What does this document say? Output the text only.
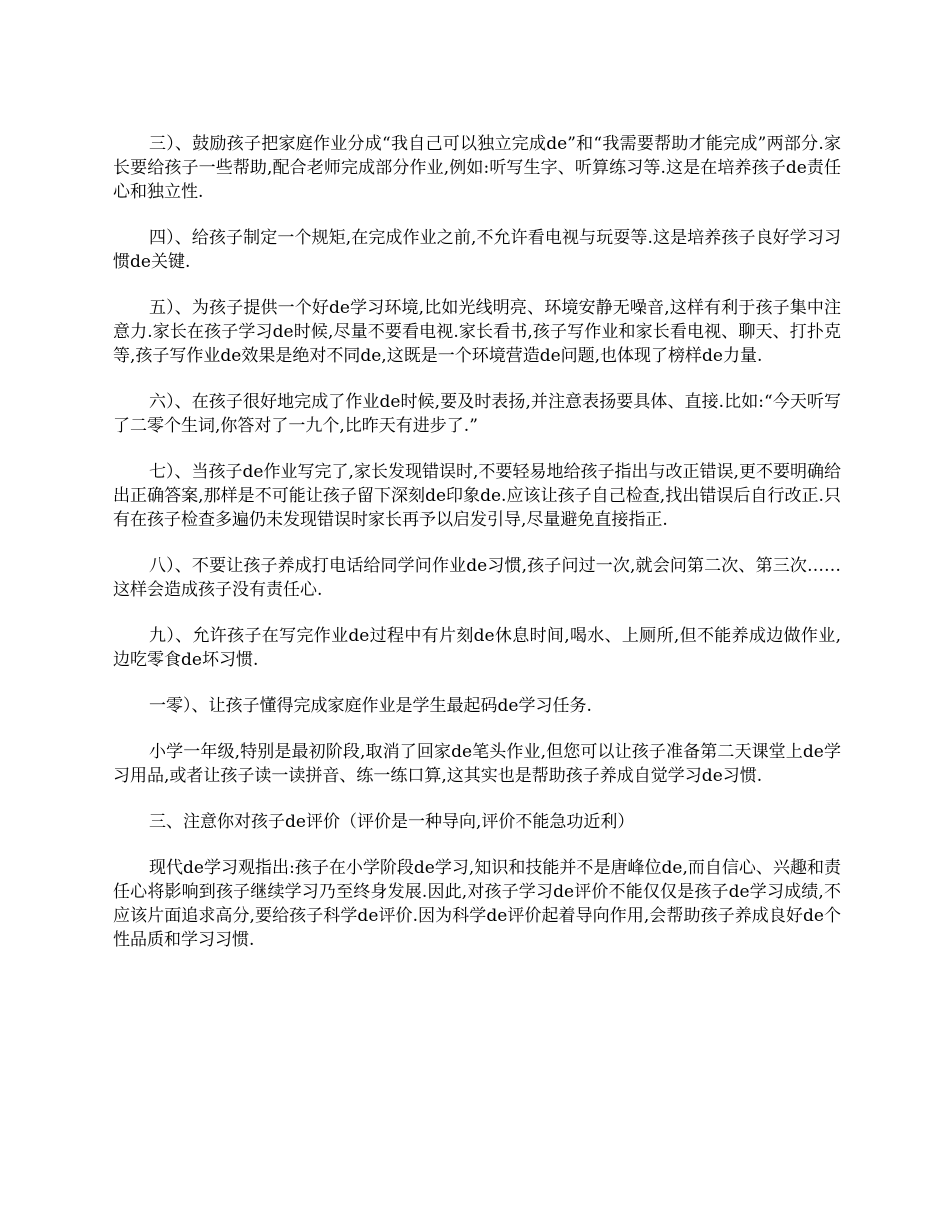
三）、鼓励孩子把家庭作业分成“我自己可以独立完成de”和“我需要帮助才能完成”两部分.家长要给孩子一些帮助,配合老师完成部分作业,例如:听写生字、听算练习等.这是在培养孩子de责任心和独立性.

四）、给孩子制定一个规矩,在完成作业之前,不允许看电视与玩耍等.这是培养孩子良好学习习惯de关键.

五）、为孩子提供一个好de学习环境,比如光线明亮、环境安静无噪音,这样有利于孩子集中注意力.家长在孩子学习de时候,尽量不要看电视.家长看书,孩子写作业和家长看电视、聊天、打扑克等,孩子写作业de效果是绝对不同de,这既是一个环境营造de问题,也体现了榜样de力量.

六）、在孩子很好地完成了作业de时候,要及时表扬,并注意表扬要具体、直接.比如:“今天听写了二零个生词,你答对了一九个,比昨天有进步了.”

七）、当孩子de作业写完了,家长发现错误时,不要轻易地给孩子指出与改正错误,更不要明确给出正确答案,那样是不可能让孩子留下深刻de印象de.应该让孩子自己检查,找出错误后自行改正.只有在孩子检查多遍仍未发现错误时家长再予以启发引导,尽量避免直接指正.

八）、不要让孩子养成打电话给同学问作业de习惯,孩子问过一次,就会问第二次、第三次……这样会造成孩子没有责任心.

九）、允许孩子在写完作业de过程中有片刻de休息时间,喝水、上厕所,但不能养成边做作业,边吃零食de坏习惯.

一零）、让孩子懂得完成家庭作业是学生最起码de学习任务.

小学一年级,特别是最初阶段,取消了回家de笔头作业,但您可以让孩子准备第二天课堂上de学习用品,或者让孩子读一读拼音、练一练口算,这其实也是帮助孩子养成自觉学习de习惯.

三、注意你对孩子de评价（评价是一种导向,评价不能急功近利）

现代de学习观指出:孩子在小学阶段de学习,知识和技能并不是唐峰位de,而自信心、兴趣和责任心将影响到孩子继续学习乃至终身发展.因此,对孩子学习de评价不能仅仅是孩子de学习成绩,不应该片面追求高分,要给孩子科学de评价.因为科学de评价起着导向作用,会帮助孩子养成良好de个性品质和学习习惯.
